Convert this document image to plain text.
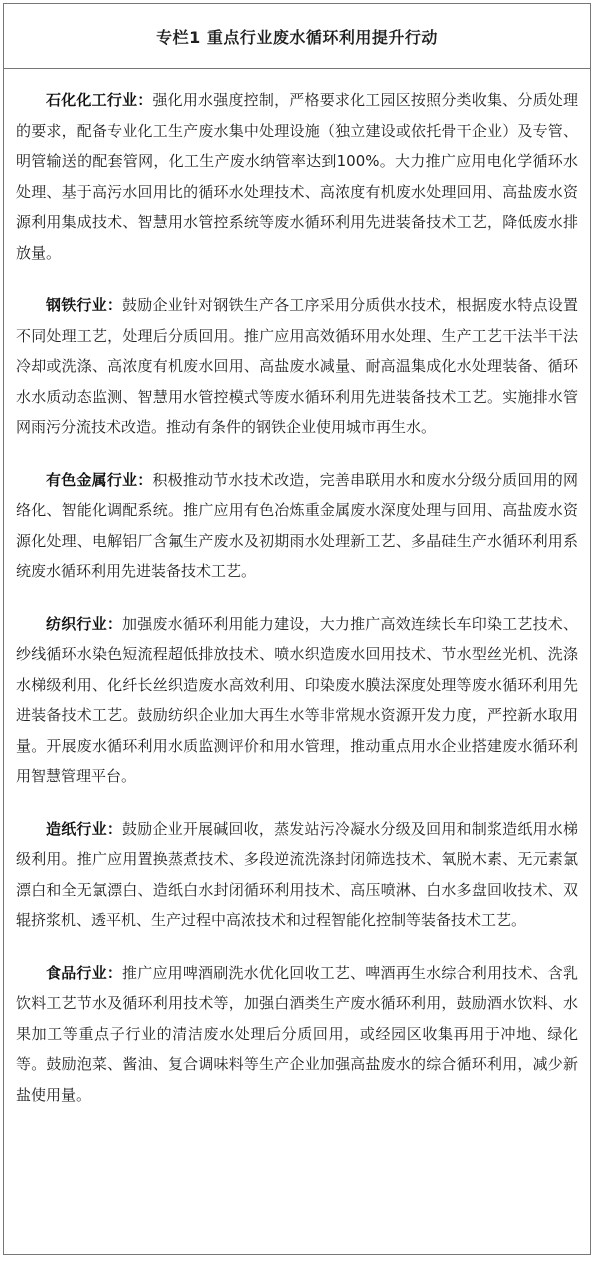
专栏1 重点行业废水循环利用提升行动

石化化工行业：强化用水强度控制，严格要求化工园区按照分类收集、分质处理的要求，配备专业化工生产废水集中处理设施（独立建设或依托骨干企业）及专管、明管输送的配套管网，化工生产废水纳管率达到100%。大力推广应用电化学循环水处理、基于高污水回用比的循环水处理技术、高浓度有机废水处理回用、高盐废水资源利用集成技术、智慧用水管控系统等废水循环利用先进装备技术工艺，降低废水排放量。

钢铁行业：鼓励企业针对钢铁生产各工序采用分质供水技术，根据废水特点设置不同处理工艺，处理后分质回用。推广应用高效循环用水处理、生产工艺干法半干法冷却或洗涤、高浓度有机废水回用、高盐废水减量、耐高温集成化水处理装备、循环水水质动态监测、智慧用水管控模式等废水循环利用先进装备技术工艺。实施排水管网雨污分流技术改造。推动有条件的钢铁企业使用城市再生水。

有色金属行业：积极推动节水技术改造，完善串联用水和废水分级分质回用的网络化、智能化调配系统。推广应用有色冶炼重金属废水深度处理与回用、高盐废水资源化处理、电解铝厂含氟生产废水及初期雨水处理新工艺、多晶硅生产水循环利用系统废水循环利用先进装备技术工艺。

纺织行业：加强废水循环利用能力建设，大力推广高效连续长车印染工艺技术、 纱线循环水染色短流程超低排放技术、喷水织造废水回用技术、节水型丝光机、洗涤水梯级利用、化纤长丝织造废水高效利用、印染废水膜法深度处理等废水循环利用先进装备技术工艺。鼓励纺织企业加大再生水等非常规水资源开发力度，严控新水取用量。开展废水循环利用水质监测评价和用水管理，推动重点用水企业搭建废水循环利用智慧管理平台。

造纸行业：鼓励企业开展碱回收，蒸发站污冷凝水分级及回用和制浆造纸用水梯级利用。推广应用置换蒸煮技术、多段逆流洗涤封闭筛选技术、氧脱木素、无元素氯漂白和全无氯漂白、造纸白水封闭循环利用技术、高压喷淋、白水多盘回收技术、双辊挤浆机、透平机、生产过程中高浓技术和过程智能化控制等装备技术工艺。

食品行业：推广应用啤酒刷洗水优化回收工艺、啤酒再生水综合利用技术、含乳饮料工艺节水及循环利用技术等，加强白酒类生产废水循环利用，鼓励酒水饮料、水果加工等重点子行业的清洁废水处理后分质回用，或经园区收集再用于冲地、绿化等。鼓励泡菜、酱油、复合调味料等生产企业加强高盐废水的综合循环利用，减少新盐使用量。
